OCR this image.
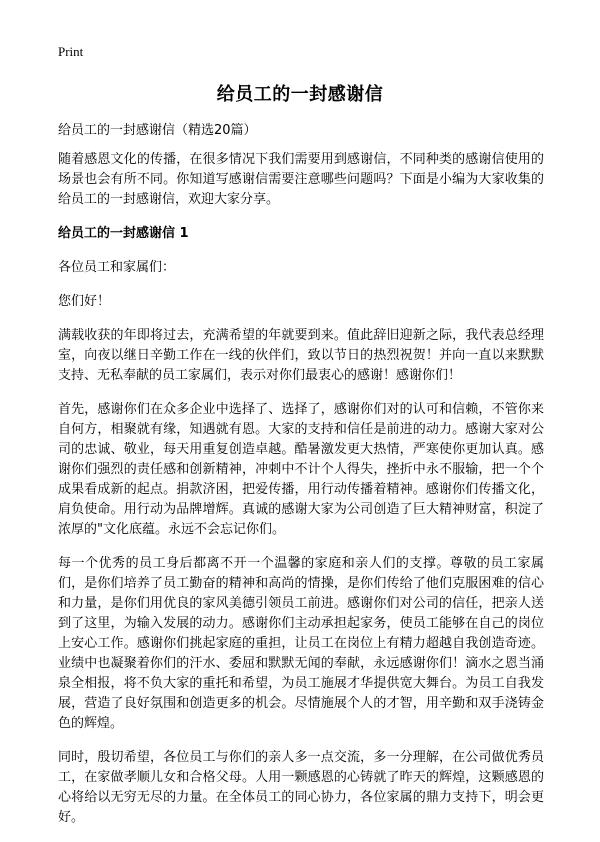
Print
给员工的一封感谢信
给员工的一封感谢信（精选20篇）

随着感恩文化的传播，在很多情况下我们需要用到感谢信，不同种类的感谢信使用的场景也会有所不同。你知道写感谢信需要注意哪些问题吗？下面是小编为大家收集的给员工的一封感谢信，欢迎大家分享。

给员工的一封感谢信 1

各位员工和家属们：

您们好！

满载收获的年即将过去，充满希望的年就要到来。值此辞旧迎新之际，我代表总经理室，向夜以继日辛勤工作在一线的伙伴们，致以节日的热烈祝贺！并向一直以来默默支持、无私奉献的员工家属们，表示对你们最衷心的感谢！感谢你们！

首先，感谢你们在众多企业中选择了、选择了，感谢你们对的认可和信赖，不管你来自何方，相聚就有缘，知遇就有恩。大家的支持和信任是前进的动力。感谢大家对公司的忠诚、敬业，每天用重复创造卓越。酷暑激发更大热情，严寒使你更加认真。感谢你们强烈的责任感和创新精神，冲刺中不计个人得失，挫折中永不服输，把一个个成果看成新的起点。捐款济困，把爱传播，用行动传播着精神。感谢你们传播文化，肩负使命。用行动为品牌增辉。真诚的感谢大家为公司创造了巨大精神财富，积淀了浓厚的"文化底蕴。永远不会忘记你们。

每一个优秀的员工身后都离不开一个温馨的家庭和亲人们的支撑。尊敬的员工家属们，是你们培养了员工勤奋的精神和高尚的情操，是你们传给了他们克服困难的信心和力量，是你们用优良的家风美德引领员工前进。感谢你们对公司的信任，把亲人送到了这里，为输入发展的动力。感谢你们主动承担起家务，使员工能够在自己的岗位上安心工作。感谢你们挑起家庭的重担，让员工在岗位上有精力超越自我创造奇迹。业绩中也凝聚着你们的汗水、委屈和默默无闻的奉献，永远感谢你们！滴水之恩当涌泉全相报，将不负大家的重托和希望，为员工施展才华提供宽大舞台。为员工自我发展，营造了良好氛围和创造更多的机会。尽情施展个人的才智，用辛勤和双手浇铸金色的辉煌。

同时，殷切希望，各位员工与你们的亲人多一点交流，多一分理解，在公司做优秀员工，在家做孝顺儿女和合格父母。人用一颗感恩的心铸就了昨天的辉煌，这颗感恩的心将给以无穷无尽的力量。在全体员工的同心协力，各位家属的鼎力支持下，明会更好。
